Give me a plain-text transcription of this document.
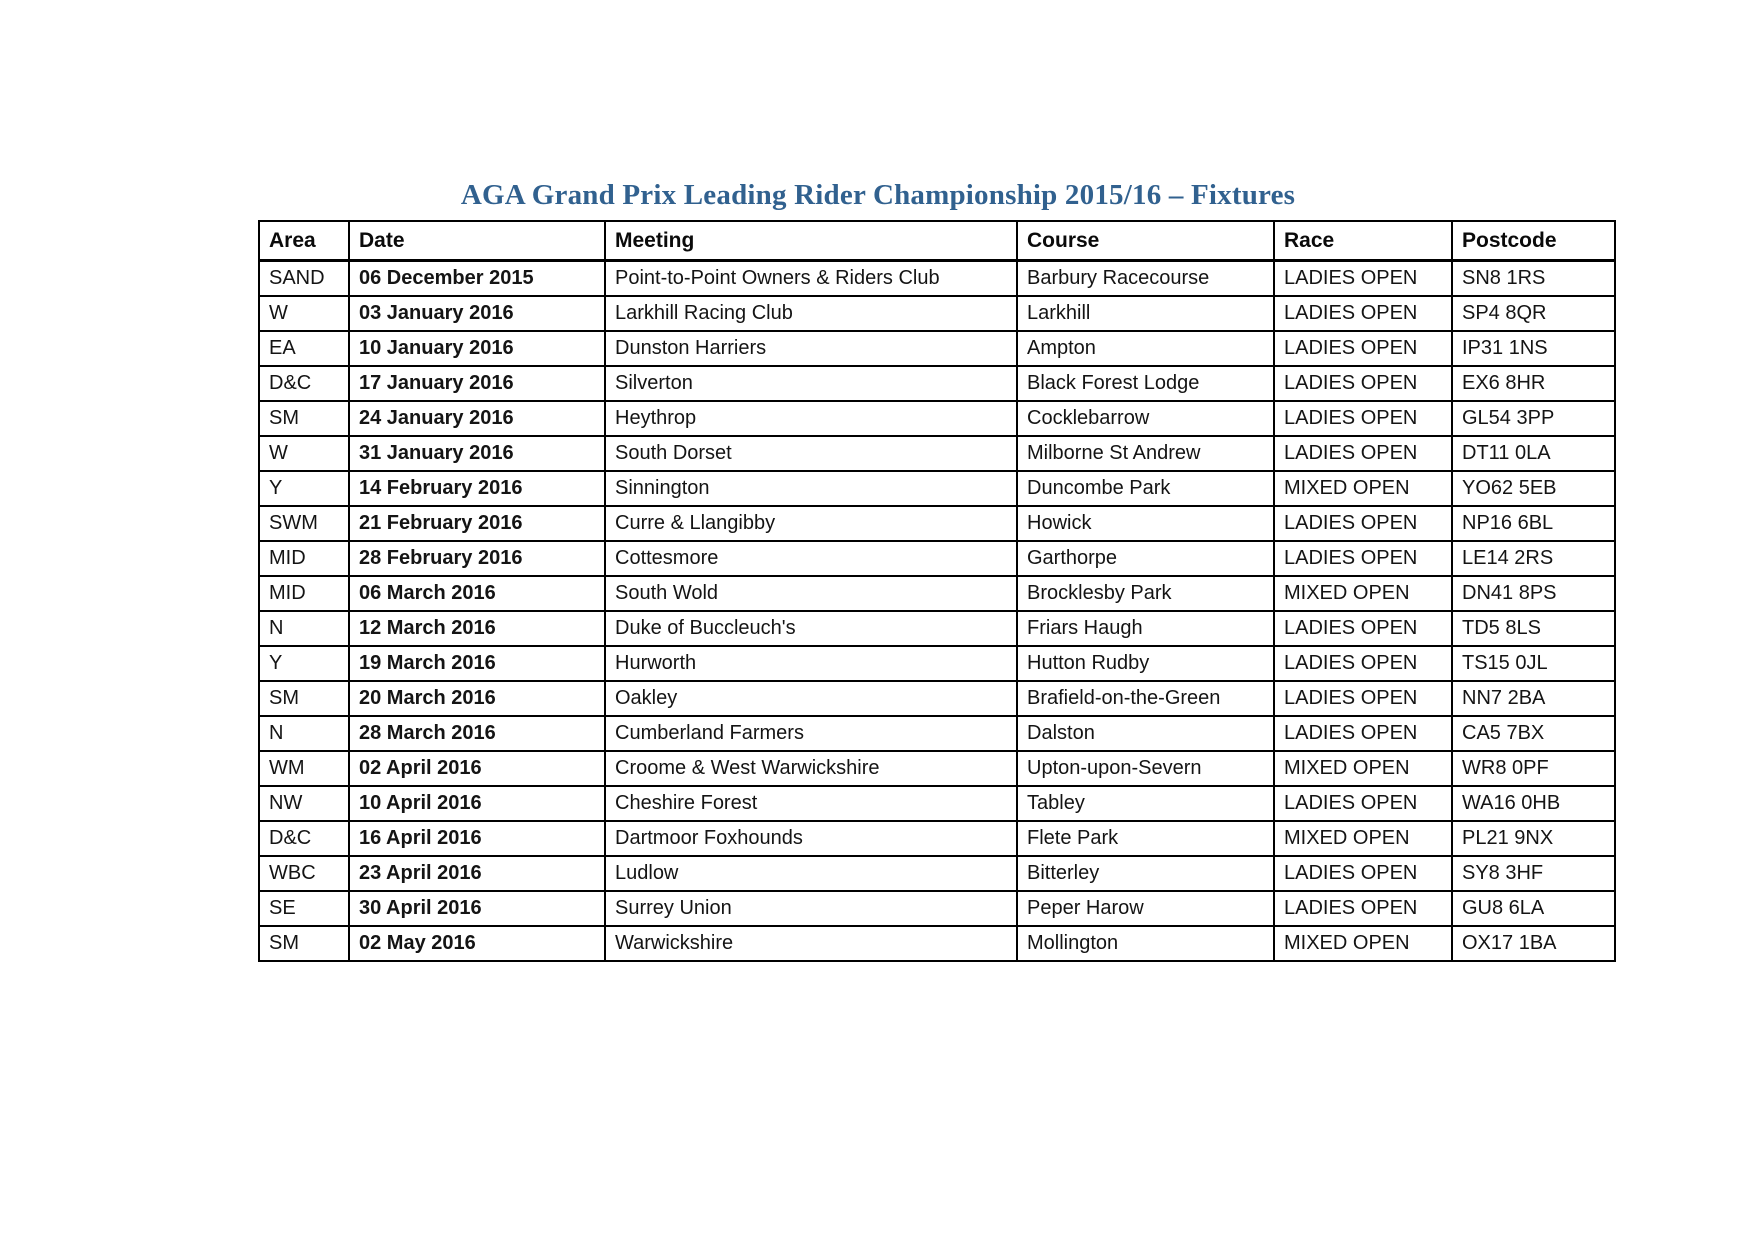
AGA Grand Prix Leading Rider Championship 2015/16 – Fixtures
Area	Date	Meeting	Course	Race	Postcode
SAND	06 December 2015	Point-to-Point Owners & Riders Club	Barbury Racecourse	LADIES OPEN	SN8 1RS
W	03 January 2016	Larkhill Racing Club	Larkhill	LADIES OPEN	SP4 8QR
EA	10 January 2016	Dunston Harriers	Ampton	LADIES OPEN	IP31 1NS
D&C	17 January 2016	Silverton	Black Forest Lodge	LADIES OPEN	EX6 8HR
SM	24 January 2016	Heythrop	Cocklebarrow	LADIES OPEN	GL54 3PP
W	31 January 2016	South Dorset	Milborne St Andrew	LADIES OPEN	DT11 0LA
Y	14 February 2016	Sinnington	Duncombe Park	MIXED OPEN	YO62 5EB
SWM	21 February 2016	Curre & Llangibby	Howick	LADIES OPEN	NP16 6BL
MID	28 February 2016	Cottesmore	Garthorpe	LADIES OPEN	LE14 2RS
MID	06 March 2016	South Wold	Brocklesby Park	MIXED OPEN	DN41 8PS
N	12 March 2016	Duke of Buccleuch's	Friars Haugh	LADIES OPEN	TD5 8LS
Y	19 March 2016	Hurworth	Hutton Rudby	LADIES OPEN	TS15 0JL
SM	20 March 2016	Oakley	Brafield-on-the-Green	LADIES OPEN	NN7 2BA
N	28 March 2016	Cumberland Farmers	Dalston	LADIES OPEN	CA5 7BX
WM	02 April 2016	Croome & West Warwickshire	Upton-upon-Severn	MIXED OPEN	WR8 0PF
NW	10 April 2016	Cheshire Forest	Tabley	LADIES OPEN	WA16 0HB
D&C	16 April 2016	Dartmoor Foxhounds	Flete Park	MIXED OPEN	PL21 9NX
WBC	23 April 2016	Ludlow	Bitterley	LADIES OPEN	SY8 3HF
SE	30 April 2016	Surrey Union	Peper Harow	LADIES OPEN	GU8 6LA
SM	02 May 2016	Warwickshire	Mollington	MIXED OPEN	OX17 1BA
